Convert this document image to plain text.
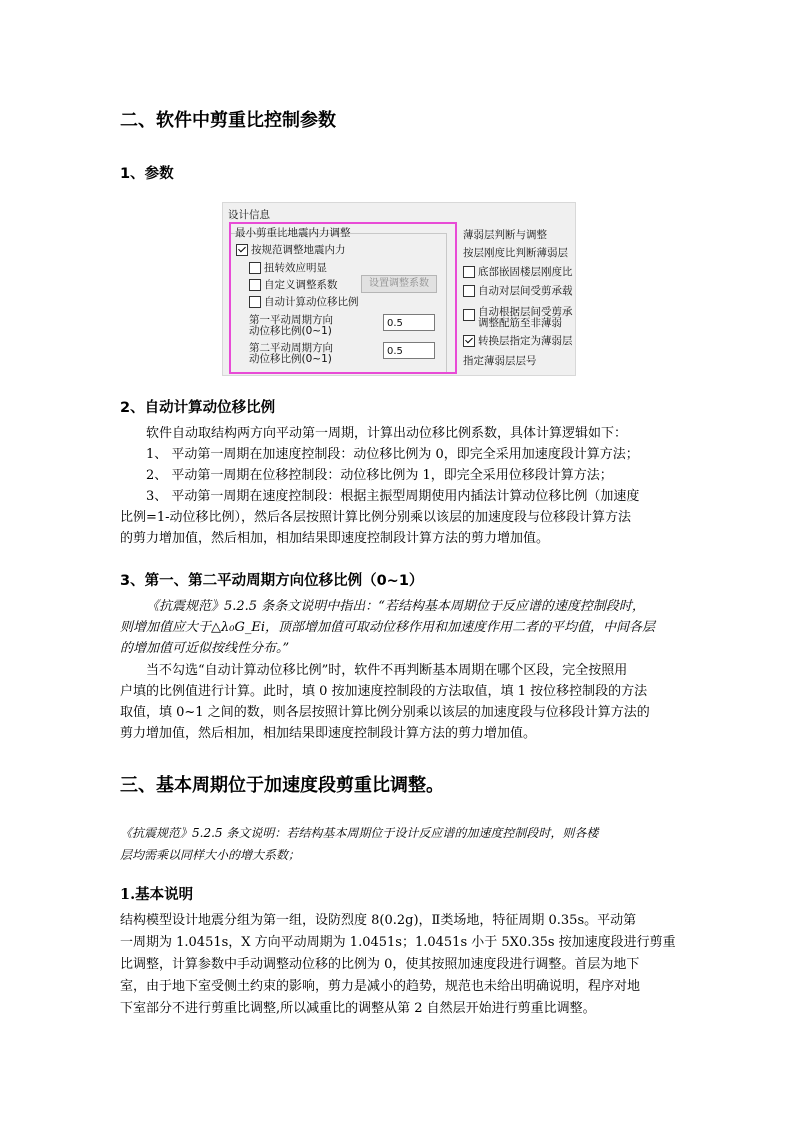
二、软件中剪重比控制参数
1、参数
设计信息
最小剪重比地震内力调整
按规范调整地震内力
扭转效应明显
自定义调整系数	设置调整系数
自动计算动位移比例
第一平动周期方向
动位移比例(0~1)
0.5
第二平动周期方向
动位移比例(0~1)
0.5
薄弱层判断与调整
按层刚度比判断薄弱层
底部嵌固楼层刚度比
自动对层间受剪承载
自动根据层间受剪承
调整配筋至非薄弱
转换层指定为薄弱层
指定薄弱层层号
2、自动计算动位移比例
软件自动取结构两方向平动第一周期，计算出动位移比例系数，具体计算逻辑如下：
1、 平动第一周期在加速度控制段：动位移比例为 0，即完全采用加速度段计算方法；
2、 平动第一周期在位移控制段：动位移比例为 1，即完全采用位移段计算方法；
3、 平动第一周期在速度控制段：根据主振型周期使用内插法计算动位移比例（加速度
比例=1-动位移比例），然后各层按照计算比例分别乘以该层的加速度段与位移段计算方法
的剪力增加值，然后相加，相加结果即速度控制段计算方法的剪力增加值。
3、第一、第二平动周期方向位移比例（0~1）
《抗震规范》5.2.5 条条文说明中指出：“若结构基本周期位于反应谱的速度控制段时，
则增加值应大于△λ₀G_Ei，顶部增加值可取动位移作用和加速度作用二者的平均值，中间各层
的增加值可近似按线性分布。”
当不勾选“自动计算动位移比例”时，软件不再判断基本周期在哪个区段，完全按照用
户填的比例值进行计算。此时，填 0 按加速度控制段的方法取值，填 1 按位移控制段的方法
取值，填 0~1 之间的数，则各层按照计算比例分别乘以该层的加速度段与位移段计算方法的
剪力增加值，然后相加，相加结果即速度控制段计算方法的剪力增加值。
三、基本周期位于加速度段剪重比调整。
《抗震规范》5.2.5 条文说明：若结构基本周期位于设计反应谱的加速度控制段时，则各楼
层均需乘以同样大小的增大系数；
1.基本说明
结构模型设计地震分组为第一组，设防烈度 8(0.2g)，Ⅱ类场地，特征周期 0.35s。平动第
一周期为 1.0451s，X 方向平动周期为 1.0451s；1.0451s 小于 5X0.35s 按加速度段进行剪重
比调整，计算参数中手动调整动位移的比例为 0，使其按照加速度段进行调整。首层为地下
室，由于地下室受侧土约束的影响，剪力是减小的趋势，规范也未给出明确说明，程序对地
下室部分不进行剪重比调整,所以减重比的调整从第 2 自然层开始进行剪重比调整。
